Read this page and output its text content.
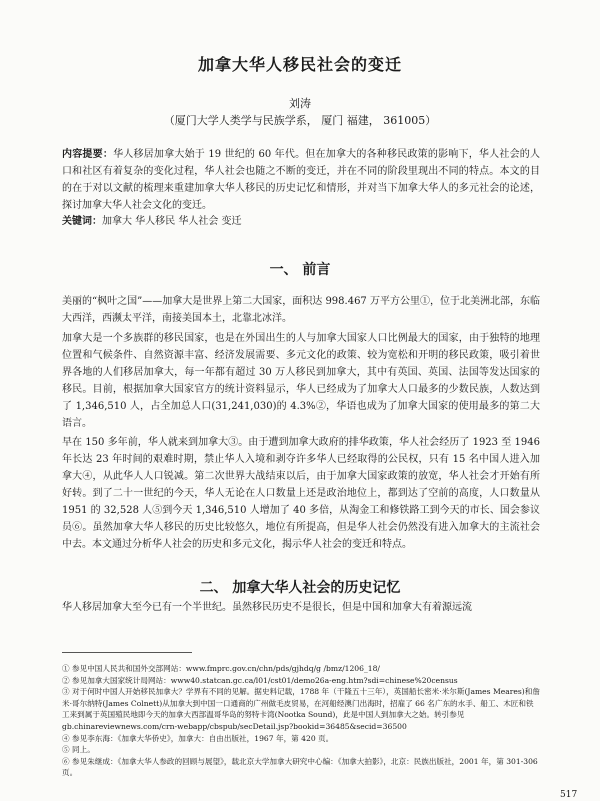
加拿大华人移民社会的变迁
刘涛
（厦门大学人类学与民族学系， 厦门 福建， 361005）
内容提要：华人移居加拿大始于 19 世纪的 60 年代。但在加拿大的各种移民政策的影响下，华人社会的人口和社区有着复杂的变化过程，华人社会也随之不断的变迁，并在不同的阶段里现出不同的特点。本文的目的在于对以文献的梳理来重建加拿大华人移民的历史记忆和情形，并对当下加拿大华人的多元社会的论述，探讨加拿大华人社会文化的变迁。
关键词：加拿大 华人移民 华人社会 变迁
一、 前言
美丽的“枫叶之国”——加拿大是世界上第二大国家，面积达 998.467 万平方公里①，位于北美洲北部，东临大西洋，西濒太平洋，南接美国本土，北靠北冰洋。
加拿大是一个多族群的移民国家，也是在外国出生的人与加拿大国家人口比例最大的国家，由于独特的地理位置和气候条件、自然资源丰富、经济发展需要、多元文化的政策、较为宽松和开明的移民政策，吸引着世界各地的人们移居加拿大，每一年都有超过 30 万人移民到加拿大，其中有英国、英国、法国等发达国家的移民。目前，根据加拿大国家官方的统计资料显示，华人已经成为了加拿大人口最多的少数民族，人数达到了 1,346,510 人，占全加总人口(31,241,030)的 4.3%②，华语也成为了加拿大国家的使用最多的第二大语言。
早在 150 多年前，华人就来到加拿大③。由于遭到加拿大政府的排华政策，华人社会经历了 1923 至 1946 年长达 23 年时间的艰难时期，禁止华人入境和剥夺许多华人已经取得的公民权，只有 15 名中国人进入加拿大④，从此华人人口锐减。第二次世界大战结束以后，由于加拿大国家政策的放宽，华人社会才开始有所好转。到了二十一世纪的今天，华人无论在人口数量上还是政治地位上，都到达了空前的高度，人口数量从 1951 的 32,528 人⑤到今天 1,346,510 人增加了 40 多倍，从淘金工和修铁路工到今天的市长、国会参议员⑥。虽然加拿大华人移民的历史比较悠久，地位有所提高，但是华人社会仍然没有进入加拿大的主流社会中去。本文通过分析华人社会的历史和多元文化，揭示华人社会的变迁和特点。
二、 加拿大华人社会的历史记忆
华人移居加拿大至今已有一个半世纪。虽然移民历史不是很长，但是中国和加拿大有着源远流
① 参见中国人民共和国外交部网站：www.fmprc.gov.cn/chn/pds/gjhdq/g /bmz/1206_18/
② 参见加拿大国家统计局网站：www40.statcan.gc.ca/l01/cst01/demo26a-eng.htm?sdi=chinese%20census
③ 对于何时中国人开始移民加拿大？学界有不同的见解。据史料记载，1788 年（干隆五十三年），英国船长密米·米尔斯(James Meares)和詹米·哥尔纳特(James Colnett)从加拿大到中国一口通商的广州做毛皮贸易，在河船经澳门出海时，招雇了 66 名广东的水手、船工、木匠和铁工来到属于英国殖民地即今天的加拿大西部温哥华岛的努特卡湾(Nootka Sound)，此是中国人到加拿大之始。转引参见 gb.chinareviewnews.com/crn-webapp/cbspub/secDetail.jsp?bookid=36485&secid=36500
④ 参见李东海：《加拿大华侨史》，加拿大：自由出版社，1967 年，第 420 页。
⑤ 同上。
⑥ 参见朱继成：《加拿大华人参政的回顾与展望》，载北京大学加拿大研究中心编：《加拿大拍影》，北京：民族出版社，2001 年，第 301-306 页。
517
